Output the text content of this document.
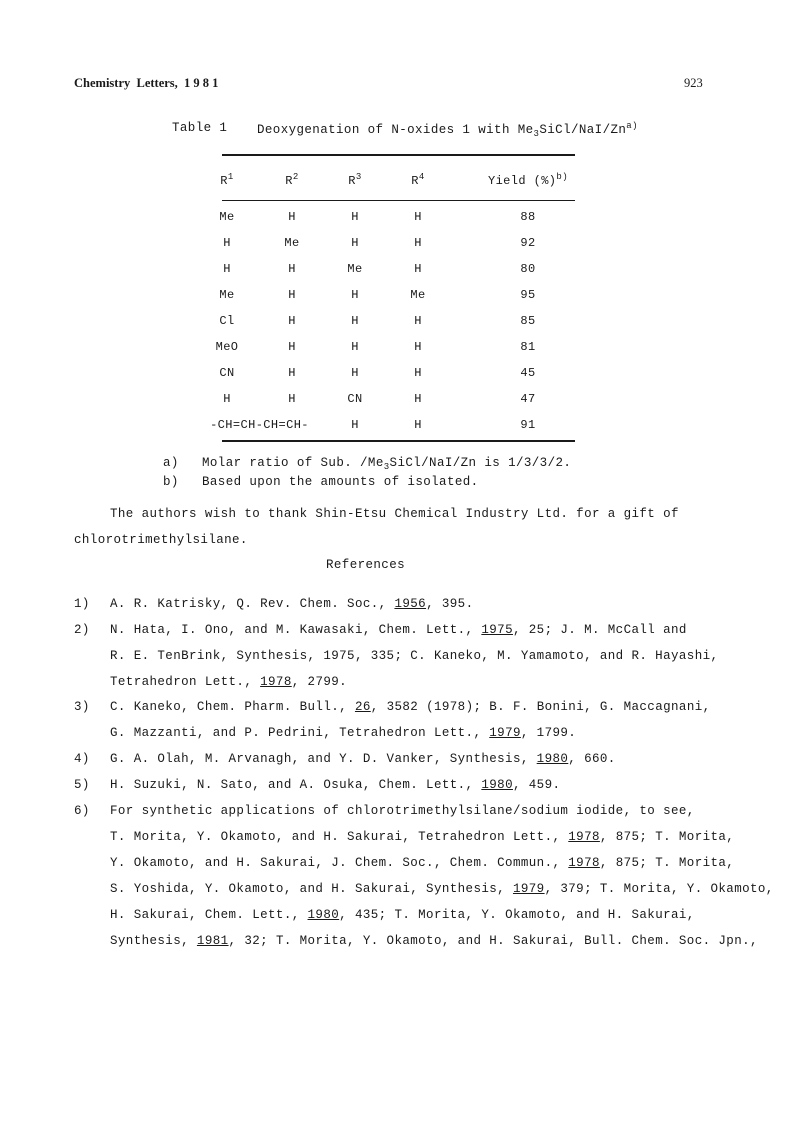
Chemistry  Letters,  1 9 8 1	923
Table 1 Deoxygenation of N-oxides 1 with $Me_3SiCl/NaI/Zn^{a)}$
$R^1$	$R^2$	$R^3$	$R^4$	Yield (%)$^{b)}$
Me	H	H	H	88
H	Me	H	H	92
H	H	Me	H	80
Me	H	H	Me	95
Cl	H	H	H	85
MeO	H	H	H	81
CN	H	H	H	45
H	H	CN	H	47
-CH=CH-CH=CH-	H	H	91
a) Molar ratio of Sub. $/Me_3SiCl/NaI/Zn$ is 1/3/3/2.
b) Based upon the amounts of isolated.
The authors wish to thank Shin-Etsu Chemical Industry Ltd. for a gift of
chlorotrimethylsilane.
References
1) A. R. Katrisky, Q. Rev. Chem. Soc., 1956, 395.
2) N. Hata, I. Ono, and M. Kawasaki, Chem. Lett., 1975, 25; J. M. McCall and
R. E. TenBrink, Synthesis, 1975, 335; C. Kaneko, M. Yamamoto, and R. Hayashi,
Tetrahedron Lett., 1978, 2799.
3) C. Kaneko, Chem. Pharm. Bull., 26, 3582 (1978); B. F. Bonini, G. Maccagnani,
G. Mazzanti, and P. Pedrini, Tetrahedron Lett., 1979, 1799.
4) G. A. Olah, M. Arvanagh, and Y. D. Vanker, Synthesis, 1980, 660.
5) H. Suzuki, N. Sato, and A. Osuka, Chem. Lett., 1980, 459.
6) For synthetic applications of chlorotrimethylsilane/sodium iodide, to see,
T. Morita, Y. Okamoto, and H. Sakurai, Tetrahedron Lett., 1978, 875; T. Morita,
Y. Okamoto, and H. Sakurai, J. Chem. Soc., Chem. Commun., 1978, 875; T. Morita,
S. Yoshida, Y. Okamoto, and H. Sakurai, Synthesis, 1979, 379; T. Morita, Y. Okamoto,
H. Sakurai, Chem. Lett., 1980, 435; T. Morita, Y. Okamoto, and H. Sakurai,
Synthesis, 1981, 32; T. Morita, Y. Okamoto, and H. Sakurai, Bull. Chem. Soc. Jpn.,
